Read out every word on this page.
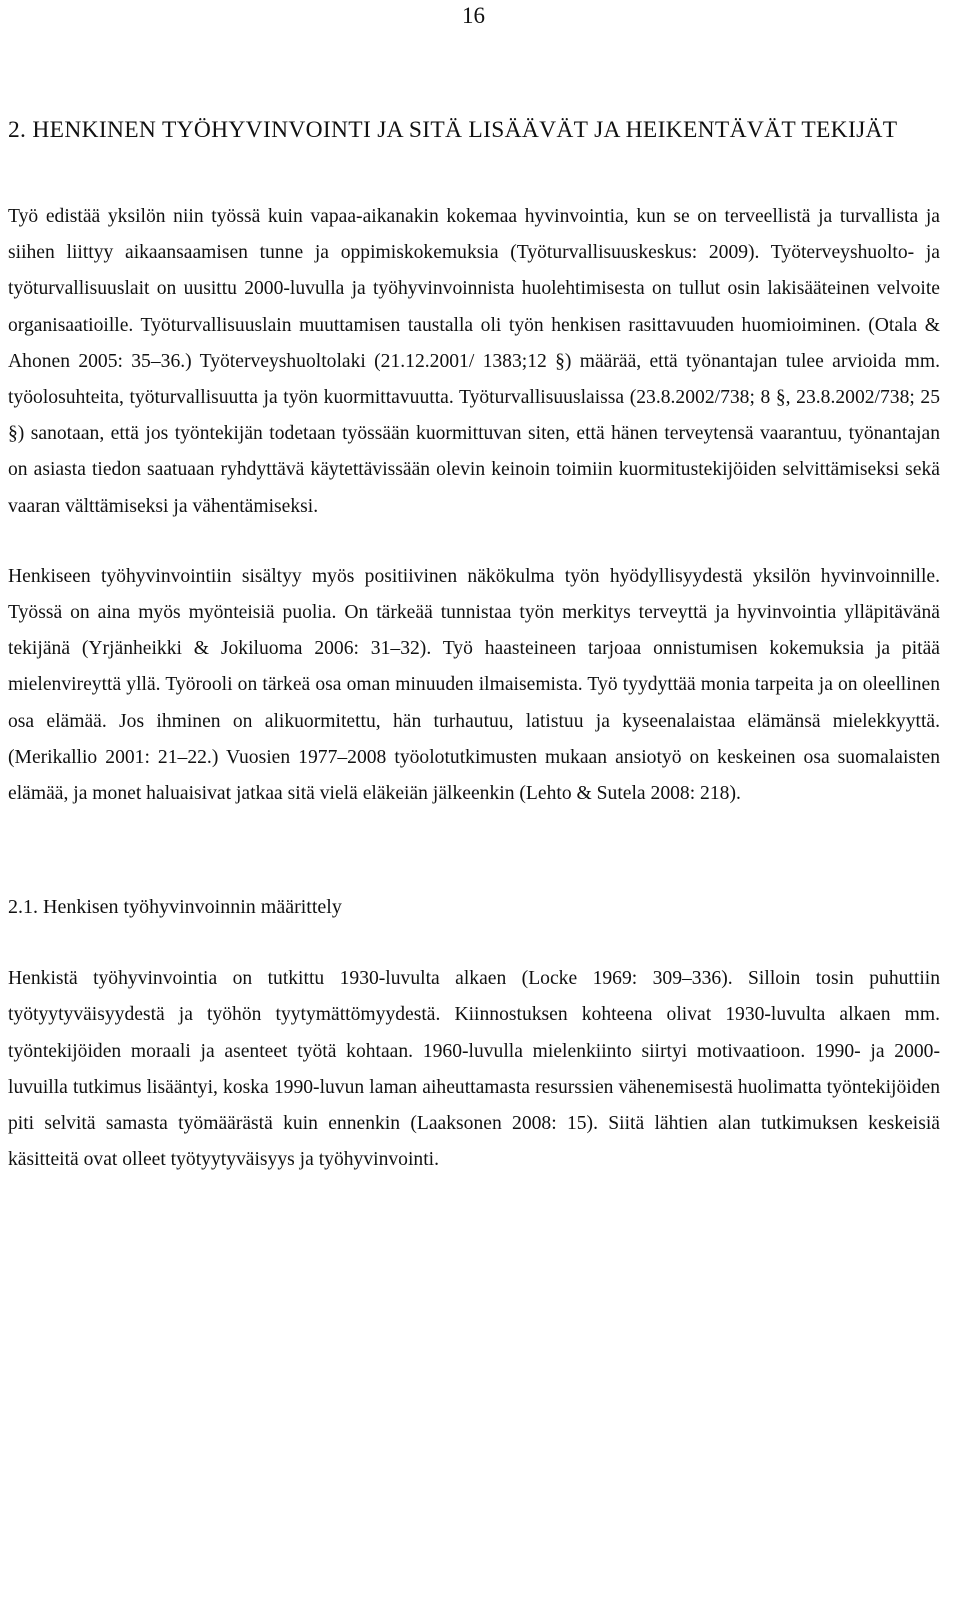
16
2. HENKINEN TYÖHYVINVOINTI JA SITÄ LISÄÄVÄT JA HEIKENTÄVÄT TEKIJÄT

Työ edistää yksilön niin työssä kuin vapaa-aikanakin kokemaa hyvinvointia, kun se on terveellistä ja turvallista ja siihen liittyy aikaansaamisen tunne ja oppimiskokemuksia (Työturvallisuuskeskus: 2009). Työterveyshuolto- ja työturvallisuuslait on uusittu 2000-luvulla ja työhyvinvoinnista huolehtimisesta on tullut osin lakisääteinen velvoite organisaatioille. Työturvallisuuslain muuttamisen taustalla oli työn henkisen rasittavuuden huomioiminen. (Otala & Ahonen 2005: 35–36.) Työterveyshuoltolaki (21.12.2001/ 1383;12 §) määrää, että työnantajan tulee arvioida mm. työolosuhteita, työturvallisuutta ja työn kuormittavuutta. Työturvallisuuslaissa (23.8.2002/738; 8 §, 23.8.2002/738; 25 §) sanotaan, että jos työntekijän todetaan työssään kuormittuvan siten, että hänen terveytensä vaarantuu, työnantajan on asiasta tiedon saatuaan ryhdyttävä käytettävissään olevin keinoin toimiin kuormitustekijöiden selvittämiseksi sekä vaaran välttämiseksi ja vähentämiseksi.

Henkiseen työhyvinvointiin sisältyy myös positiivinen näkökulma työn hyödyllisyydestä yksilön hyvinvoinnille. Työssä on aina myös myönteisiä puolia. On tärkeää tunnistaa työn merkitys terveyttä ja hyvinvointia ylläpitävänä tekijänä (Yrjänheikki & Jokiluoma 2006: 31–32). Työ haasteineen tarjoaa onnistumisen kokemuksia ja pitää mielenvireyttä yllä. Työrooli on tärkeä osa oman minuuden ilmaisemista. Työ tyydyttää monia tarpeita ja on oleellinen osa elämää. Jos ihminen on alikuormitettu, hän turhautuu, latistuu ja kyseenalaistaa elämänsä mielekkyyttä. (Merikallio 2001: 21–22.) Vuosien 1977–2008 työolotutkimusten mukaan ansiotyö on keskeinen osa suomalaisten elämää, ja monet haluaisivat jatkaa sitä vielä eläkeiän jälkeenkin (Lehto & Sutela 2008: 218).

2.1. Henkisen työhyvinvoinnin määrittely

Henkistä työhyvinvointia on tutkittu 1930-luvulta alkaen (Locke 1969: 309–336). Silloin tosin puhuttiin työtyytyväisyydestä ja työhön tyytymättömyydestä. Kiinnostuksen kohteena olivat 1930-luvulta alkaen mm. työntekijöiden moraali ja asenteet työtä kohtaan. 1960-luvulla mielenkiinto siirtyi motivaatioon. 1990- ja 2000-luvuilla tutkimus lisääntyi, koska 1990-luvun laman aiheuttamasta resurssien vähenemisestä huolimatta työntekijöiden piti selvitä samasta työmäärästä kuin ennenkin (Laaksonen 2008: 15). Siitä lähtien alan tutkimuksen keskeisiä käsitteitä ovat olleet työtyytyväisyys ja työhyvinvointi.
